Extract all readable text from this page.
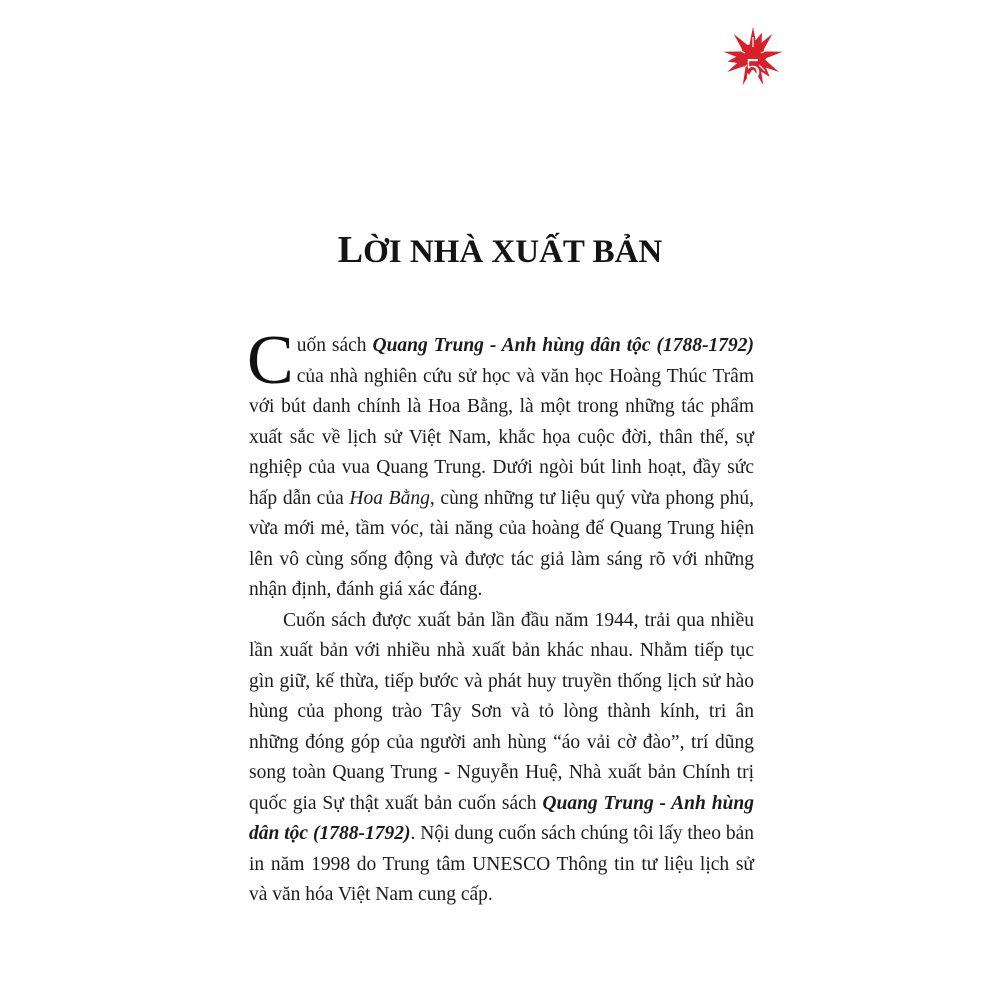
5
LỜI NHÀ XUẤT BẢN

Cuốn sách Quang Trung - Anh hùng dân tộc (1788-1792) của nhà nghiên cứu sử học và văn học Hoàng Thúc Trâm với bút danh chính là Hoa Bằng, là một trong những tác phẩm xuất sắc về lịch sử Việt Nam, khắc họa cuộc đời, thân thế, sự nghiệp của vua Quang Trung. Dưới ngòi bút linh hoạt, đầy sức hấp dẫn của Hoa Bằng, cùng những tư liệu quý vừa phong phú, vừa mới mẻ, tầm vóc, tài năng của hoàng đế Quang Trung hiện lên vô cùng sống động và được tác giả làm sáng rõ với những nhận định, đánh giá xác đáng.

Cuốn sách được xuất bản lần đầu năm 1944, trải qua nhiều lần xuất bản với nhiều nhà xuất bản khác nhau. Nhằm tiếp tục gìn giữ, kế thừa, tiếp bước và phát huy truyền thống lịch sử hào hùng của phong trào Tây Sơn và tỏ lòng thành kính, tri ân những đóng góp của người anh hùng “áo vải cờ đào”, trí dũng song toàn Quang Trung - Nguyễn Huệ, Nhà xuất bản Chính trị quốc gia Sự thật xuất bản cuốn sách Quang Trung - Anh hùng dân tộc (1788-1792). Nội dung cuốn sách chúng tôi lấy theo bản in năm 1998 do Trung tâm UNESCO Thông tin tư liệu lịch sử và văn hóa Việt Nam cung cấp.
